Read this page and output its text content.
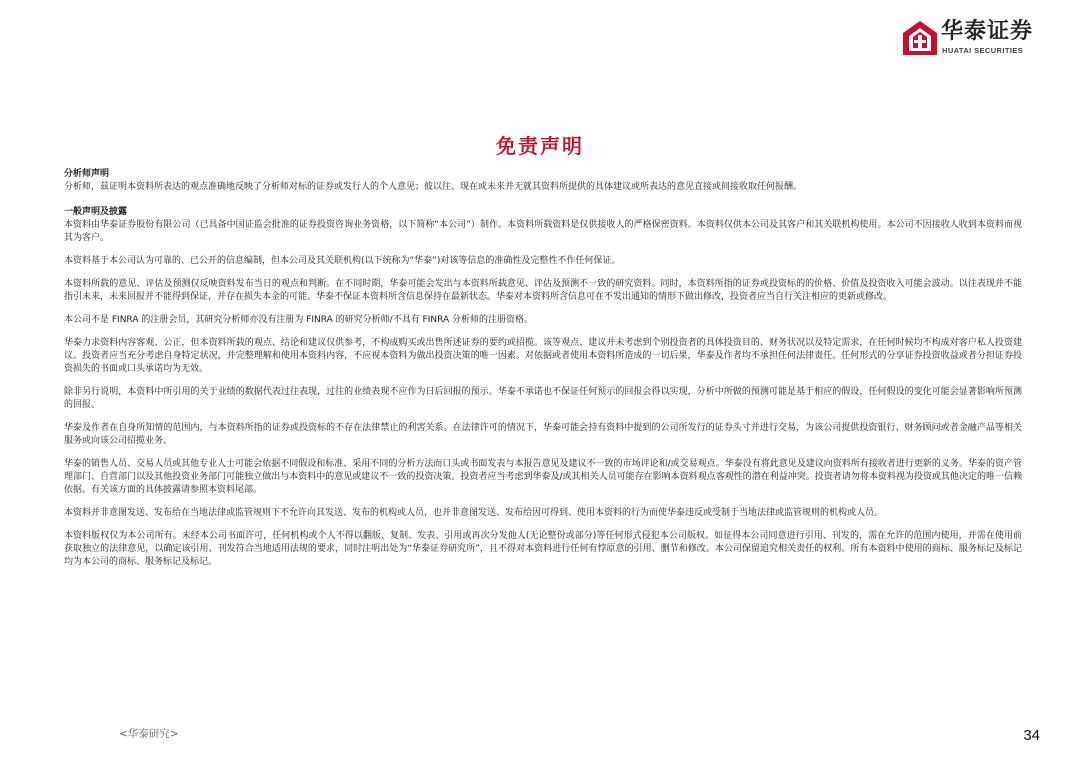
华泰证券
HUATAI SECURITIES
免责声明

分析师声明

分析师，兹证明本资料所表达的观点准确地反映了分析师对标的证券或发行人的个人意见；彼以往、现在或未来并无就其资料所提供的具体建议或所表达的意见直接或间接收取任何报酬。

一般声明及披露

本资料由华泰证券股份有限公司（已具备中国证监会批准的证券投资咨询业务资格，以下简称“本公司”）制作。本资料所载资料是仅供接收人的严格保密资料。本资料仅供本公司及其客户和其关联机构使用。本公司不因接收人收到本资料而视其为客户。

本资料基于本公司认为可靠的、已公开的信息编制，但本公司及其关联机构(以下统称为“华泰”)对该等信息的准确性及完整性不作任何保证。

本资料所载的意见、评估及预测仅反映资料发布当日的观点和判断。在不同时期，华泰可能会发出与本资料所载意见、评估及预测不一致的研究资料。同时，本资料所指的证券或投资标的的价格、价值及投资收入可能会波动。以往表现并不能指引未来，未来回报并不能得到保证，并存在损失本金的可能。华泰不保证本资料所含信息保持在最新状态。华泰对本资料所含信息可在不发出通知的情形下做出修改，投资者应当自行关注相应的更新或修改。

本公司不是 FINRA 的注册会员，其研究分析师亦没有注册为 FINRA 的研究分析师/不具有 FINRA 分析师的注册资格。

华泰力求资料内容客观、公正，但本资料所载的观点、结论和建议仅供参考，不构成购买或出售所述证券的要约或招揽。该等观点、建议并未考虑到个别投资者的具体投资目的、财务状况以及特定需求，在任何时候均不构成对客户私人投资建议。投资者应当充分考虑自身特定状况，并完整理解和使用本资料内容，不应视本资料为做出投资决策的唯一因素。对依据或者使用本资料所造成的一切后果，华泰及作者均不承担任何法律责任。任何形式的分享证券投资收益或者分担证券投资损失的书面或口头承诺均为无效。

除非另行说明，本资料中所引用的关于业绩的数据代表过往表现，过往的业绩表现不应作为日后回报的预示。华泰不承诺也不保证任何预示的回报会得以实现，分析中所做的预测可能是基于相应的假设，任何假设的变化可能会显著影响所预测的回报。

华泰及作者在自身所知情的范围内，与本资料所指的证券或投资标的不存在法律禁止的利害关系。在法律许可的情况下，华泰可能会持有资料中提到的公司所发行的证券头寸并进行交易，为该公司提供投资银行、财务顾问或者金融产品等相关服务或向该公司招揽业务。

华泰的销售人员、交易人员或其他专业人士可能会依据不同假设和标准、采用不同的分析方法而口头或书面发表与本报告意见及建议不一致的市场评论和/或交易观点。华泰没有将此意见及建议向资料所有接收者进行更新的义务。华泰的资产管理部门、自营部门以及其他投资业务部门可能独立做出与本资料中的意见或建议不一致的投资决策。投资者应当考虑到华泰及/或其相关人员可能存在影响本资料观点客观性的潜在利益冲突。投资者请勿将本资料视为投资或其他决定的唯一信赖依据。有关该方面的具体披露请参照本资料尾部。

本资料并非意图发送、发布给在当地法律或监管规则下不允许向其发送、发布的机构或人员，也并非意图发送、发布给因可得到、使用本资料的行为而使华泰违反或受制于当地法律或监管规则的机构或人员。

本资料版权仅为本公司所有。未经本公司书面许可，任何机构或个人不得以翻版、复制、发表、引用或再次分发他人(无论整份或部分)等任何形式侵犯本公司版权。如征得本公司同意进行引用、刊发的，需在允许的范围内使用，并需在使用前获取独立的法律意见，以确定该引用、刊发符合当地适用法规的要求，同时注明出处为“华泰证券研究所”，且不得对本资料进行任何有悖原意的引用、删节和修改。本公司保留追究相关责任的权利。所有本资料中使用的商标、服务标记及标记均为本公司的商标、服务标记及标记。

<华泰研究>	34
